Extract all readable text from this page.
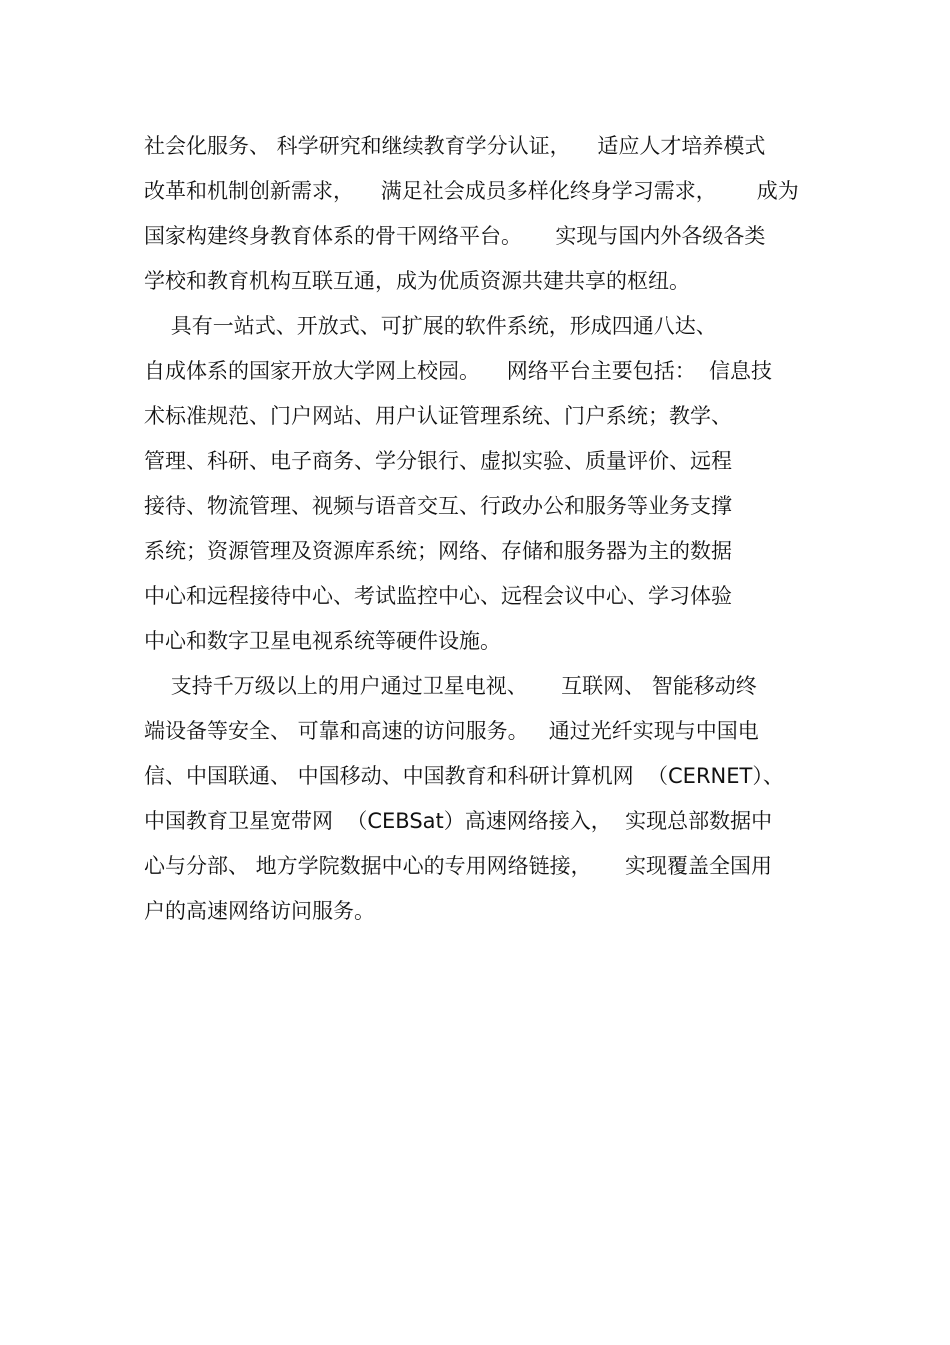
社会化服务、 科学研究和继续教育学分认证，    适应人才培养模式
改革和机制创新需求，    满足社会成员多样化终身学习需求，      成为
国家构建终身教育体系的骨干网络平台。     实现与国内外各级各类
学校和教育机构互联互通，成为优质资源共建共享的枢纽。
具有一站式、开放式、可扩展的软件系统，形成四通八达、
自成体系的国家开放大学网上校园。    网络平台主要包括：  信息技
术标准规范、门户网站、用户认证管理系统、门户系统；教学、
管理、科研、电子商务、学分银行、虚拟实验、质量评价、远程
接待、物流管理、视频与语音交互、行政办公和服务等业务支撑
系统；资源管理及资源库系统；网络、存储和服务器为主的数据
中心和远程接待中心、考试监控中心、远程会议中心、学习体验
中心和数字卫星电视系统等硬件设施。
支持千万级以上的用户通过卫星电视、     互联网、 智能移动终
端设备等安全、 可靠和高速的访问服务。   通过光纤实现与中国电
信、中国联通、 中国移动、中国教育和科研计算机网  （CERNET）、
中国教育卫星宽带网  （CEBSat）高速网络接入，  实现总部数据中
心与分部、 地方学院数据中心的专用网络链接，     实现覆盖全国用
户的高速网络访问服务。
